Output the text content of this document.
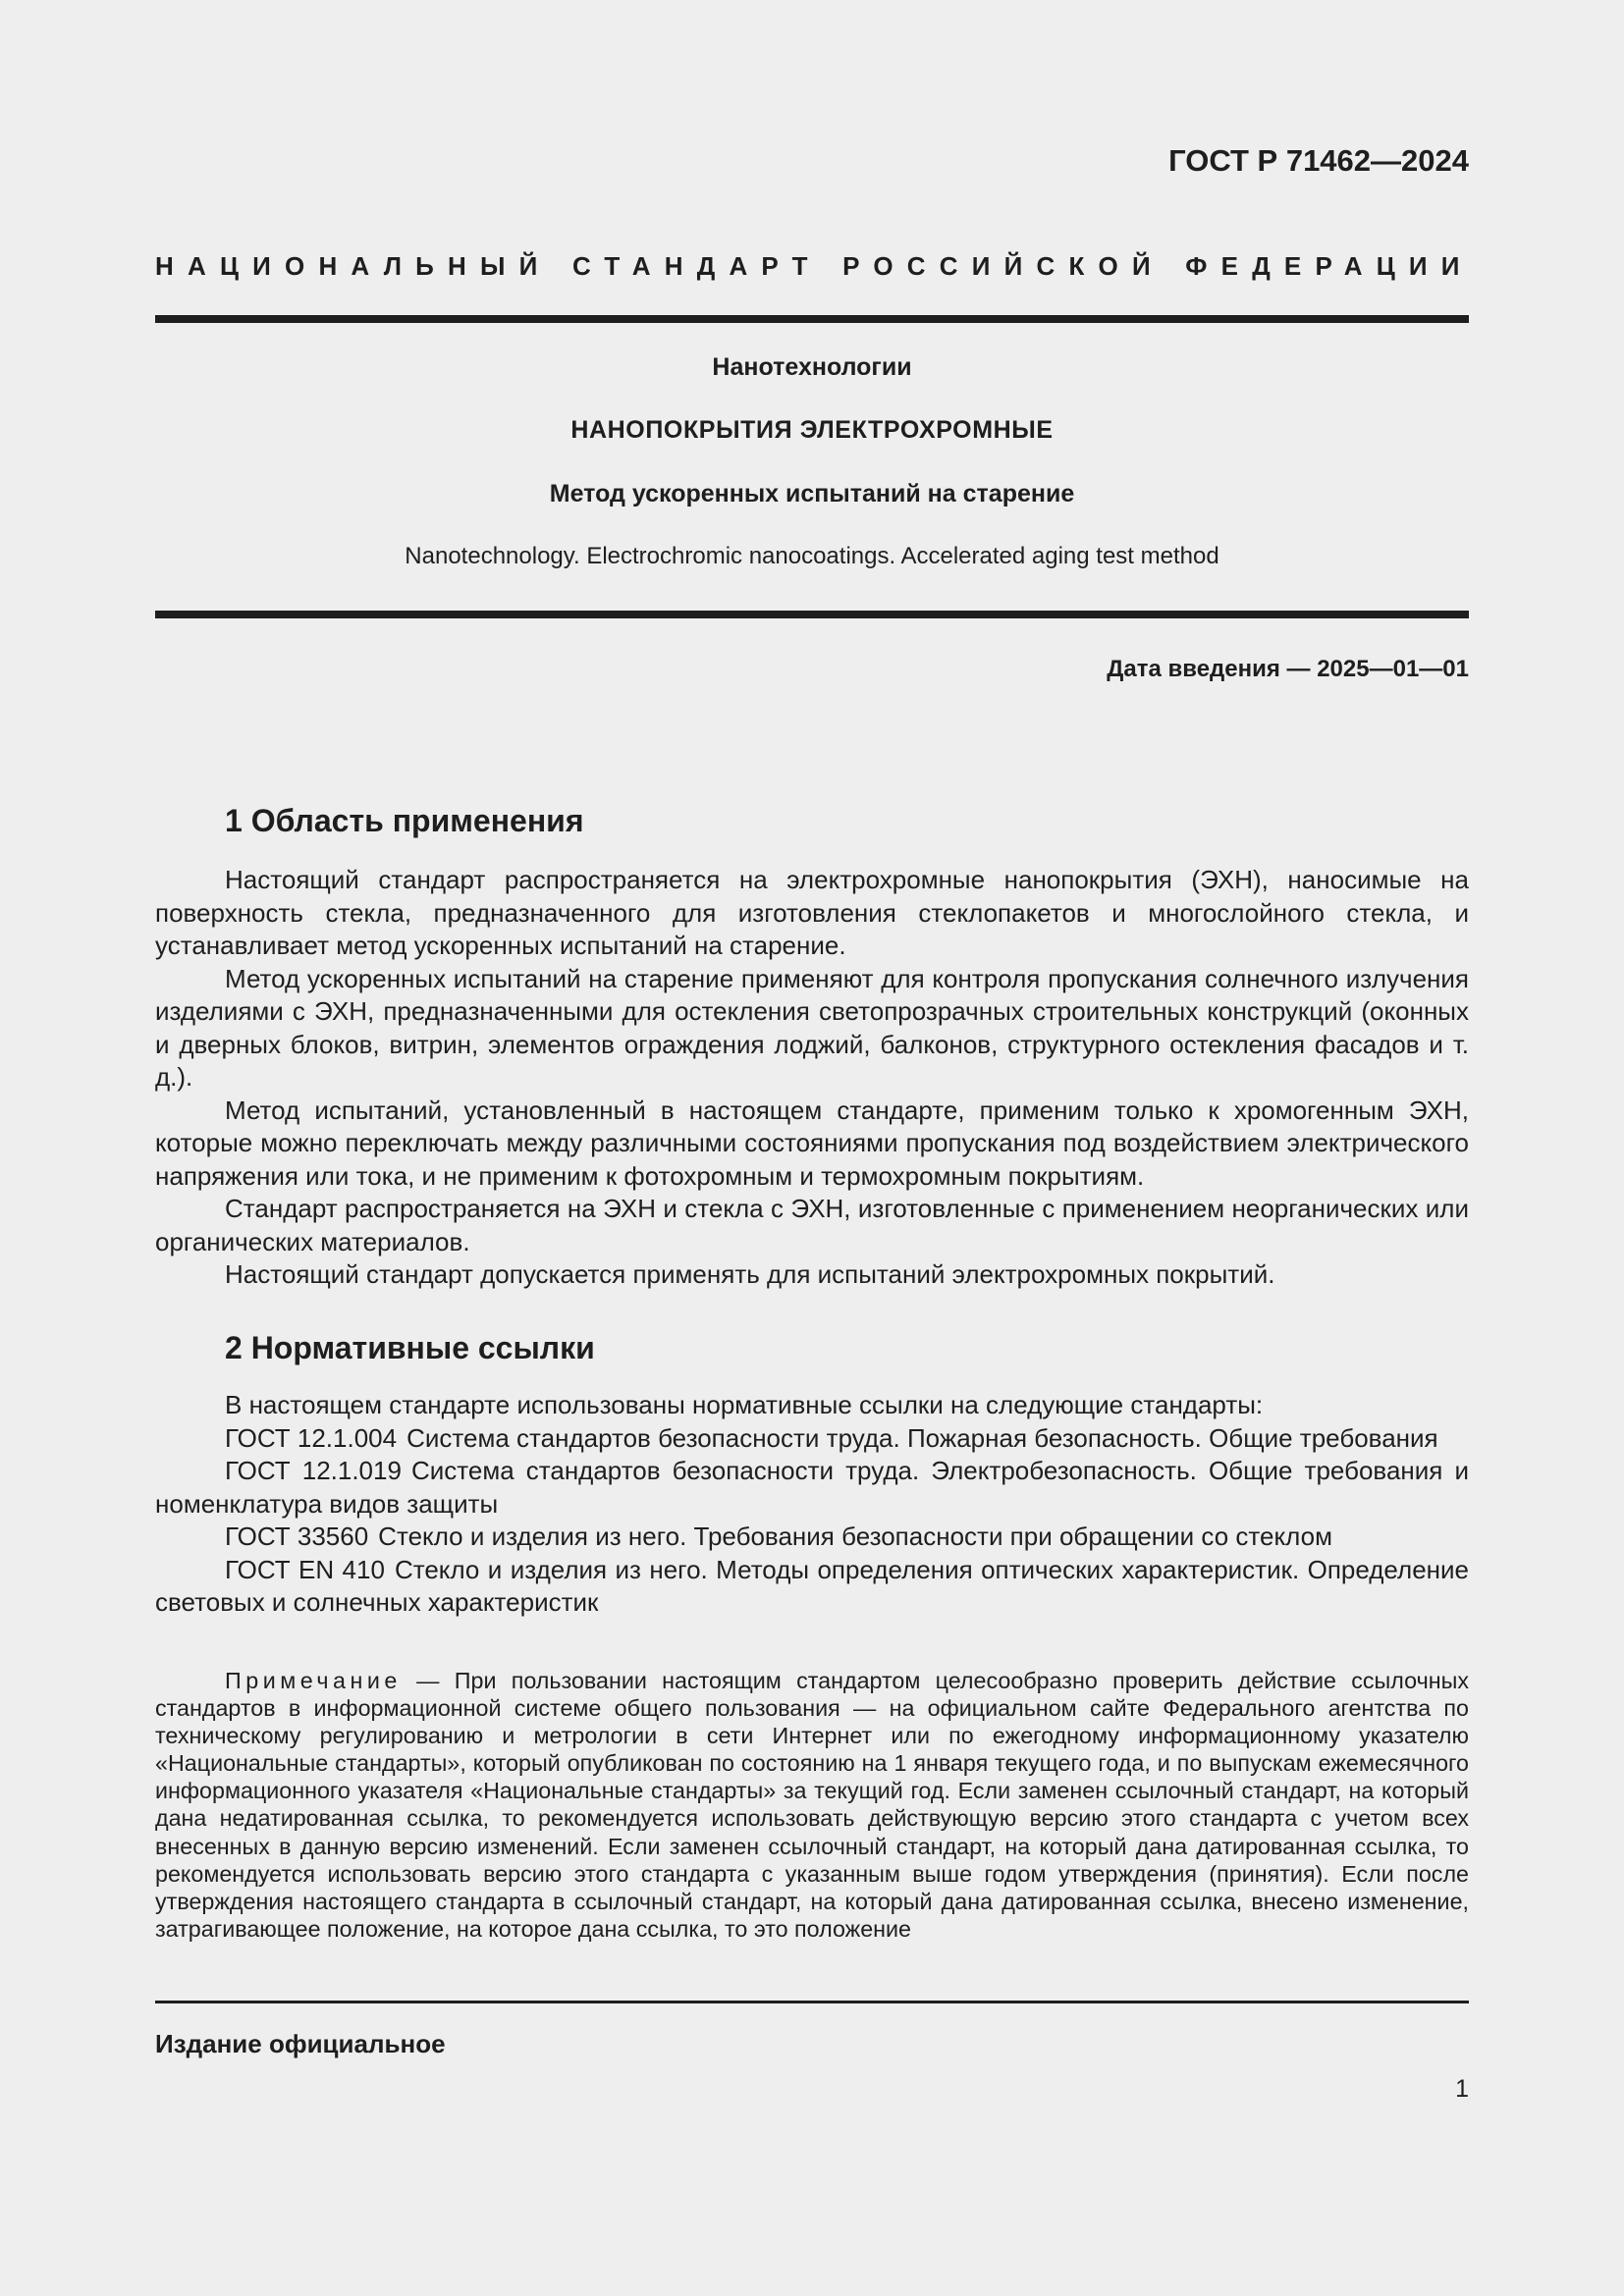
ГОСТ Р 71462—2024
НАЦИОНАЛЬНЫЙ СТАНДАРТ РОССИЙСКОЙ ФЕДЕРАЦИИ
Нанотехнологии
НАНОПОКРЫТИЯ ЭЛЕКТРОХРОМНЫЕ
Метод ускоренных испытаний на старение
Nanotechnology. Electrochromic nanocoatings. Accelerated aging test method
Дата введения — 2025—01—01
1 Область применения

Настоящий стандарт распространяется на электрохромные нанопокрытия (ЭХН), наносимые на поверхность стекла, предназначенного для изготовления стеклопакетов и многослойного стекла, и устанавливает метод ускоренных испытаний на старение.

Метод ускоренных испытаний на старение применяют для контроля пропускания солнечного излучения изделиями с ЭХН, предназначенными для остекления светопрозрачных строительных конструкций (оконных и дверных блоков, витрин, элементов ограждения лоджий, балконов, структурного остекления фасадов и т. д.).

Метод испытаний, установленный в настоящем стандарте, применим только к хромогенным ЭХН, которые можно переключать между различными состояниями пропускания под воздействием электрического напряжения или тока, и не применим к фотохромным и термохромным покрытиям.

Стандарт распространяется на ЭХН и стекла с ЭХН, изготовленные с применением неорганических или органических материалов.

Настоящий стандарт допускается применять для испытаний электрохромных покрытий.

2 Нормативные ссылки

В настоящем стандарте использованы нормативные ссылки на следующие стандарты:

ГОСТ 12.1.004 Система стандартов безопасности труда. Пожарная безопасность. Общие требования

ГОСТ 12.1.019 Система стандартов безопасности труда. Электробезопасность. Общие требования и номенклатура видов защиты

ГОСТ 33560 Стекло и изделия из него. Требования безопасности при обращении со стеклом

ГОСТ EN 410 Стекло и изделия из него. Методы определения оптических характеристик. Определение световых и солнечных характеристик

Примечание — При пользовании настоящим стандартом целесообразно проверить действие ссылочных стандартов в информационной системе общего пользования — на официальном сайте Федерального агентства по техническому регулированию и метрологии в сети Интернет или по ежегодному информационному указателю «Национальные стандарты», который опубликован по состоянию на 1 января текущего года, и по выпускам ежемесячного информационного указателя «Национальные стандарты» за текущий год. Если заменен ссылочный стандарт, на который дана недатированная ссылка, то рекомендуется использовать действующую версию этого стандарта с учетом всех внесенных в данную версию изменений. Если заменен ссылочный стандарт, на который дана датированная ссылка, то рекомендуется использовать версию этого стандарта с указанным выше годом утверждения (принятия). Если после утверждения настоящего стандарта в ссылочный стандарт, на который дана датированная ссылка, внесено изменение, затрагивающее положение, на которое дана ссылка, то это положение

Издание официальное
1
